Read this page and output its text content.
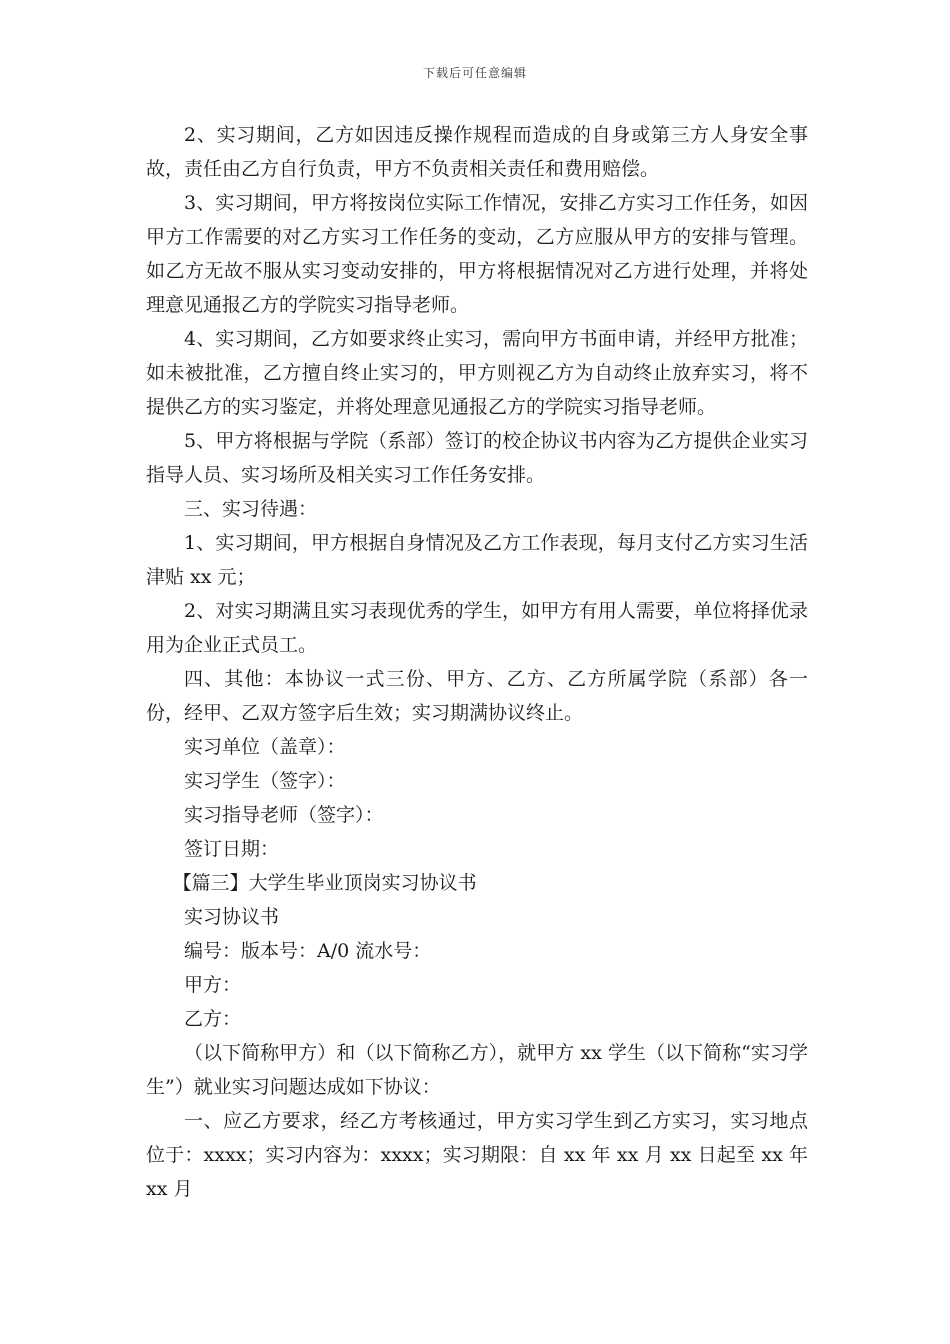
下载后可任意编辑

2、实习期间，乙方如因违反操作规程而造成的自身或第三方人身安全事故，责任由乙方自行负责，甲方不负责相关责任和费用赔偿。

3、实习期间，甲方将按岗位实际工作情况，安排乙方实习工作任务，如因甲方工作需要的对乙方实习工作任务的变动，乙方应服从甲方的安排与管理。如乙方无故不服从实习变动安排的，甲方将根据情况对乙方进行处理，并将处理意见通报乙方的学院实习指导老师。

4、实习期间，乙方如要求终止实习，需向甲方书面申请，并经甲方批准；如未被批准，乙方擅自终止实习的，甲方则视乙方为自动终止放弃实习，将不提供乙方的实习鉴定，并将处理意见通报乙方的学院实习指导老师。

5、甲方将根据与学院（系部）签订的校企协议书内容为乙方提供企业实习指导人员、实习场所及相关实习工作任务安排。

三、实习待遇：

1、实习期间，甲方根据自身情况及乙方工作表现，每月支付乙方实习生活津贴 xx 元；

2、对实习期满且实习表现优秀的学生，如甲方有用人需要，单位将择优录用为企业正式员工。

四、其他：本协议一式三份、甲方、乙方、乙方所属学院（系部）各一份，经甲、乙双方签字后生效；实习期满协议终止。

实习单位（盖章）：

实习学生（签字）：

实习指导老师（签字）：

签订日期：

【篇三】大学生毕业顶岗实习协议书

实习协议书

编号：版本号：A/0 流水号：

甲方：

乙方：

（以下简称甲方）和（以下简称乙方），就甲方 xx 学生（以下简称“实习学生”）就业实习问题达成如下协议：

一、应乙方要求，经乙方考核通过，甲方实习学生到乙方实习，实习地点位于：xxxx；实习内容为：xxxx；实习期限：自 xx 年 xx 月 xx 日起至 xx 年 xx 月
